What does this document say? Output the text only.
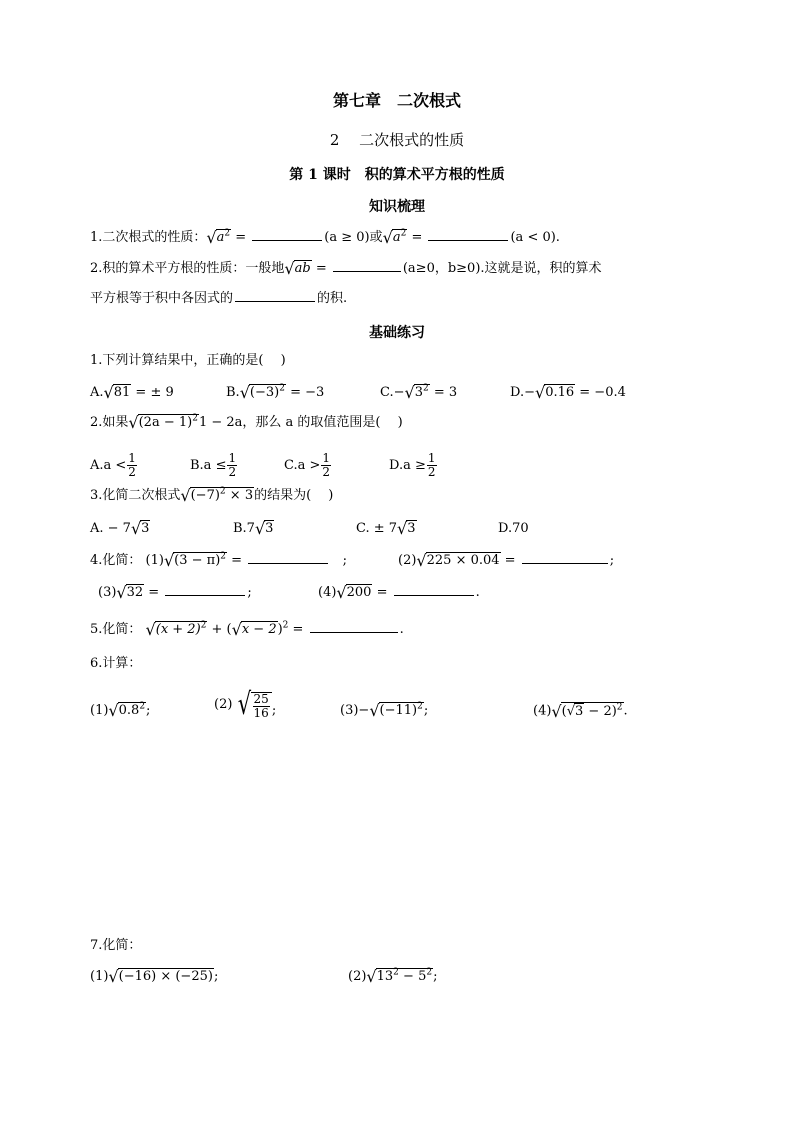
第七章　二次根式
2　 二次根式的性质
第 1 课时　积的算术平方根的性质
知识梳理
1.二次根式的性质： √ $a^2$ =	(a ≥ 0)或 √ $a^2$ =	(a < 0).
2.积的算术平方根的性质：一般地 √ ab =	(a≥0，b≥0).这就是说，积的算术
平方根等于积中各因式的	的积.
基础练习
1.下列计算结果中，正确的是(　 )
A. √ 81 = ± 9	B. √ $(-3)^2 = -3$	C.− √ $3^2 = 3$	D.− √ 0.16 = −0.4
2.如果 √ $(2a - 1)^2$ 1 − 2a，那么 a 的取值范围是(　 )
$A.a < \frac{1}{2}$	$B.a \le \frac{1}{2}$	$C.a > \frac{1}{2}$	$D.a \ge \frac{1}{2}$
3.化简二次根式 √ $(-7)^2 \times 3$ 的结果为(　 )
A. − 7 √ 3	B.7 √ 3	C. ± 7 √ 3	D.70
4.化简： (1) √ $(3 - \pi)^2$ =	;	(2) √ 225 × 0.04 =	;
(3) √ 32 =	;	(4) √ 200 =	.
5.化简： √ $(x + 2)^2$ + ( √ x − 2 )$^2$ =	.
6.计算：
(1) √ $0.8^2$ ;	(2) √ $\frac{25}{16}$ ;	(3)− √ $(-11)^2$ ;	(4) √ ( √ 3 − 2)$^2$ .
7.化简：
(1) √ (−16) × (−25) ;	(2) √ $13^2 - 5^2$ ;
